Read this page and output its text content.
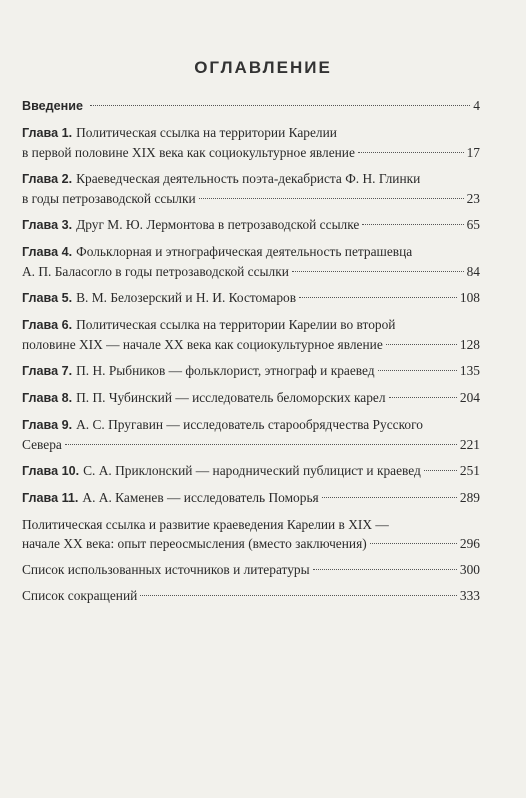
ОГЛАВЛЕНИЕ
Введение	4
Глава 1. Политическая ссылка на территории Карелии
в первой половине XIX века как социокультурное явление	17
Глава 2. Краеведческая деятельность поэта-декабриста Ф. Н. Глинки
в годы петрозаводской ссылки	23
Глава 3. Друг М. Ю. Лермонтова в петрозаводской ссылке	65
Глава 4. Фольклорная и этнографическая деятельность петрашевца
А. П. Баласогло в годы петрозаводской ссылки	84
Глава 5. В. М. Белозерский и Н. И. Костомаров	108
Глава 6. Политическая ссылка на территории Карелии во второй
половине XIX — начале XX века как социокультурное явление	128
Глава 7. П. Н. Рыбников — фольклорист, этнограф и краевед	135
Глава 8. П. П. Чубинский — исследователь беломорских карел	204
Глава 9. А. С. Пругавин — исследователь старообрядчества Русского
Севера	221
Глава 10. С. А. Приклонский — народнический публицист и краевед	251
Глава 11. А. А. Каменев — исследователь Поморья	289
Политическая ссылка и развитие краеведения Карелии в XIX —
начале XX века: опыт переосмысления (вместо заключения)	296
Список использованных источников и литературы	300
Список сокращений	333
